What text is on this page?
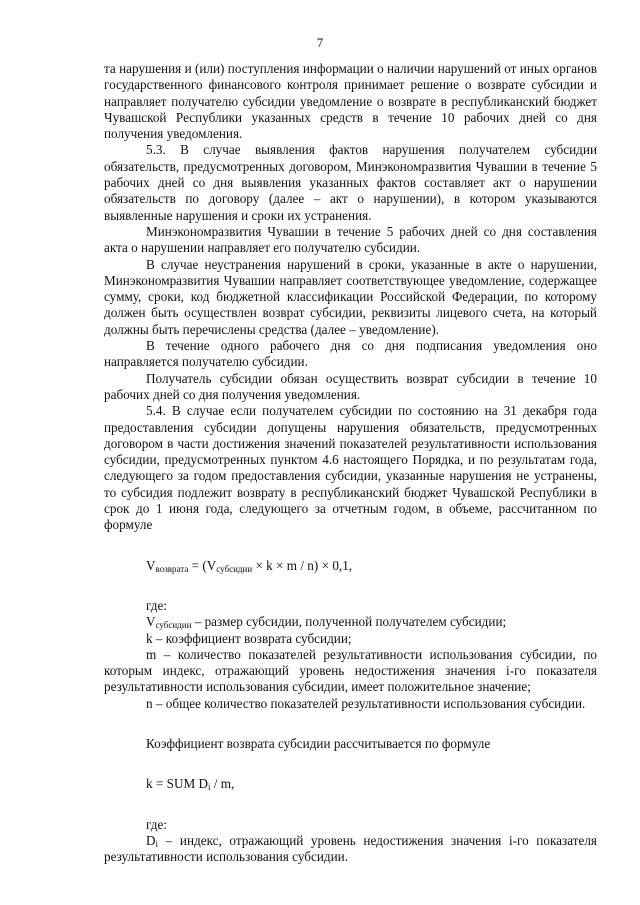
7

та нарушения и (или) поступления информации о наличии нарушений от иных органов государственного финансового контроля принимает решение о возврате субсидии и направляет получателю субсидии уведомление о возврате в республиканский бюджет Чувашской Республики указанных средств в течение 10 рабочих дней со дня получения уведомления.

5.3. В случае выявления фактов нарушения получателем субсидии обязательств, предусмотренных договором, Минэкономразвития Чувашии в течение 5 рабочих дней со дня выявления указанных фактов составляет акт о нарушении обязательств по договору (далее – акт о нарушении), в котором указываются выявленные нарушения и сроки их устранения.

Минэкономразвития Чувашии в течение 5 рабочих дней со дня составления акта о нарушении направляет его получателю субсидии.

В случае неустранения нарушений в сроки, указанные в акте о нарушении, Минэкономразвития Чувашии направляет соответствующее уведомление, содержащее сумму, сроки, код бюджетной классификации Российской Федерации, по которому должен быть осуществлен возврат субсидии, реквизиты лицевого счета, на который должны быть перечислены средства (далее – уведомление).

В течение одного рабочего дня со дня подписания уведомления оно направляется получателю субсидии.

Получатель субсидии обязан осуществить возврат субсидии в течение 10 рабочих дней со дня получения уведомления.

5.4. В случае если получателем субсидии по состоянию на 31 декабря года предоставления субсидии допущены нарушения обязательств, предусмотренных договором в части достижения значений показателей результативности использования субсидии, предусмотренных пунктом 4.6 настоящего Порядка, и по результатам года, следующего за годом предоставления субсидии, указанные нарушения не устранены, то субсидия подлежит возврату в республиканский бюджет Чувашской Республики в срок до 1 июня года, следующего за отчетным годом, в объеме, рассчитанном по формуле

$V_{возврата} = (V_{субсидии} \times k \times m / n) \times 0,1$,

где:

$V_{субсидии}$ – размер субсидии, полученной получателем субсидии;

k – коэффициент возврата субсидии;

m – количество показателей результативности использования субсидии, по которым индекс, отражающий уровень недостижения значения i-го показателя результативности использования субсидии, имеет положительное значение;

n – общее количество показателей результативности использования субсидии.

Коэффициент возврата субсидии рассчитывается по формуле

k = SUM $D_i$ / m,

где:

$D_i$ – индекс, отражающий уровень недостижения значения i-го показателя результативности использования субсидии.
